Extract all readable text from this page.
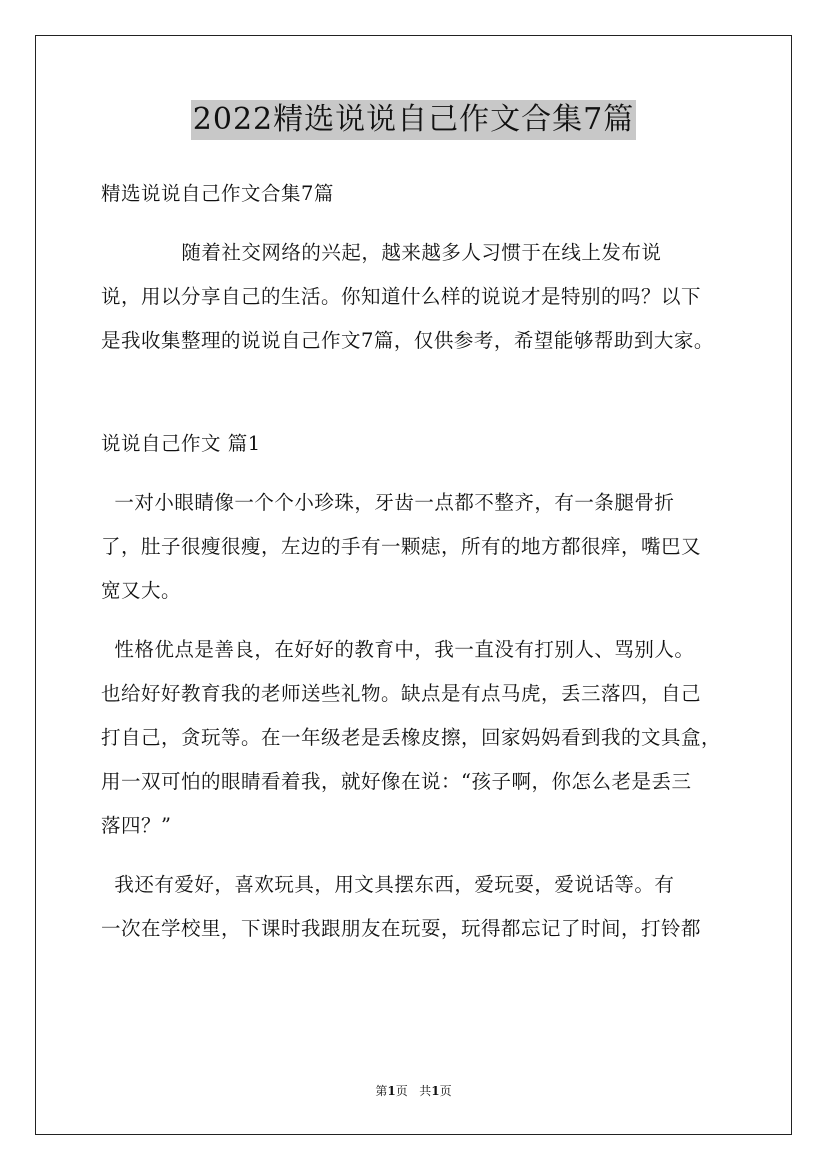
2022精选说说自己作文合集7篇
精选说说自己作文合集7篇
随着社交网络的兴起，越来越多人习惯于在线上发布说
说，用以分享自己的生活。你知道什么样的说说才是特别的吗？以下
是我收集整理的说说自己作文7篇，仅供参考，希望能够帮助到大家。
说说自己作文 篇1
一对小眼睛像一个个小珍珠，牙齿一点都不整齐，有一条腿骨折
了，肚子很瘦很瘦，左边的手有一颗痣，所有的地方都很痒，嘴巴又
宽又大。
性格优点是善良，在好好的教育中，我一直没有打别人、骂别人。
也给好好教育我的老师送些礼物。缺点是有点马虎，丢三落四，自己
打自己，贪玩等。在一年级老是丢橡皮擦，回家妈妈看到我的文具盒，
用一双可怕的眼睛看着我，就好像在说：“孩子啊，你怎么老是丢三
落四？”
我还有爱好，喜欢玩具，用文具摆东西，爱玩耍，爱说话等。有
一次在学校里，下课时我跟朋友在玩耍，玩得都忘记了时间，打铃都
第1页 共1页
